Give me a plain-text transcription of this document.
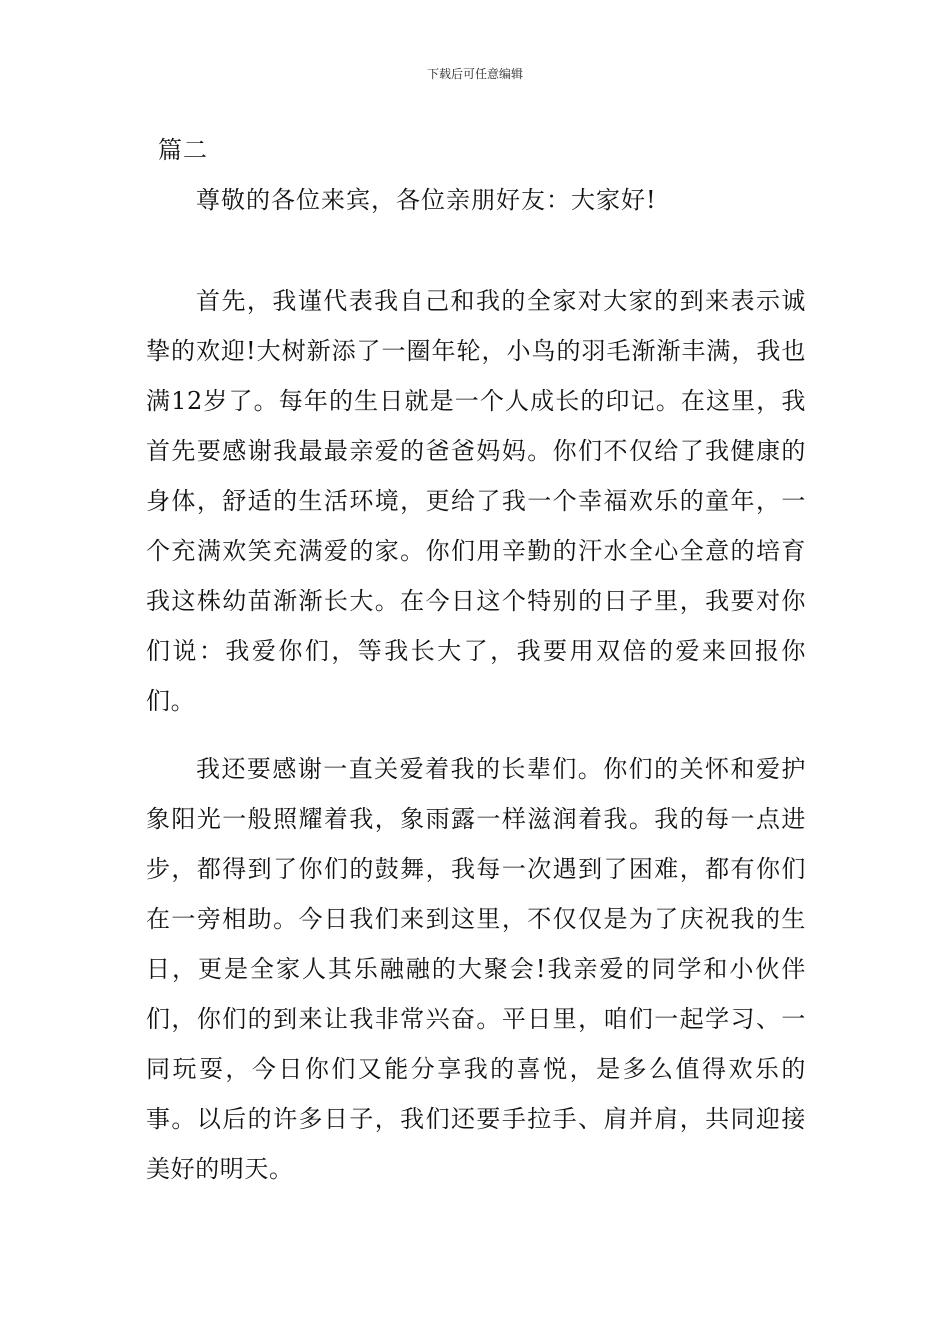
下载后可任意编辑
篇二
尊敬的各位来宾，各位亲朋好友：大家好!

首先，我谨代表我自己和我的全家对大家的到来表示诚挚的欢迎!大树新添了一圈年轮，小鸟的羽毛渐渐丰满，我也满12岁了。每年的生日就是一个人成长的印记。在这里，我首先要感谢我最最亲爱的爸爸妈妈。你们不仅给了我健康的身体，舒适的生活环境，更给了我一个幸福欢乐的童年，一个充满欢笑充满爱的家。你们用辛勤的汗水全心全意的培育我这株幼苗渐渐长大。在今日这个特别的日子里，我要对你们说：我爱你们，等我长大了，我要用双倍的爱来回报你们。

我还要感谢一直关爱着我的长辈们。你们的关怀和爱护象阳光一般照耀着我，象雨露一样滋润着我。我的每一点进步，都得到了你们的鼓舞，我每一次遇到了困难，都有你们在一旁相助。今日我们来到这里，不仅仅是为了庆祝我的生日，更是全家人其乐融融的大聚会!我亲爱的同学和小伙伴们，你们的到来让我非常兴奋。平日里，咱们一起学习、一同玩耍，今日你们又能分享我的喜悦，是多么值得欢乐的事。以后的许多日子，我们还要手拉手、肩并肩，共同迎接美好的明天。
